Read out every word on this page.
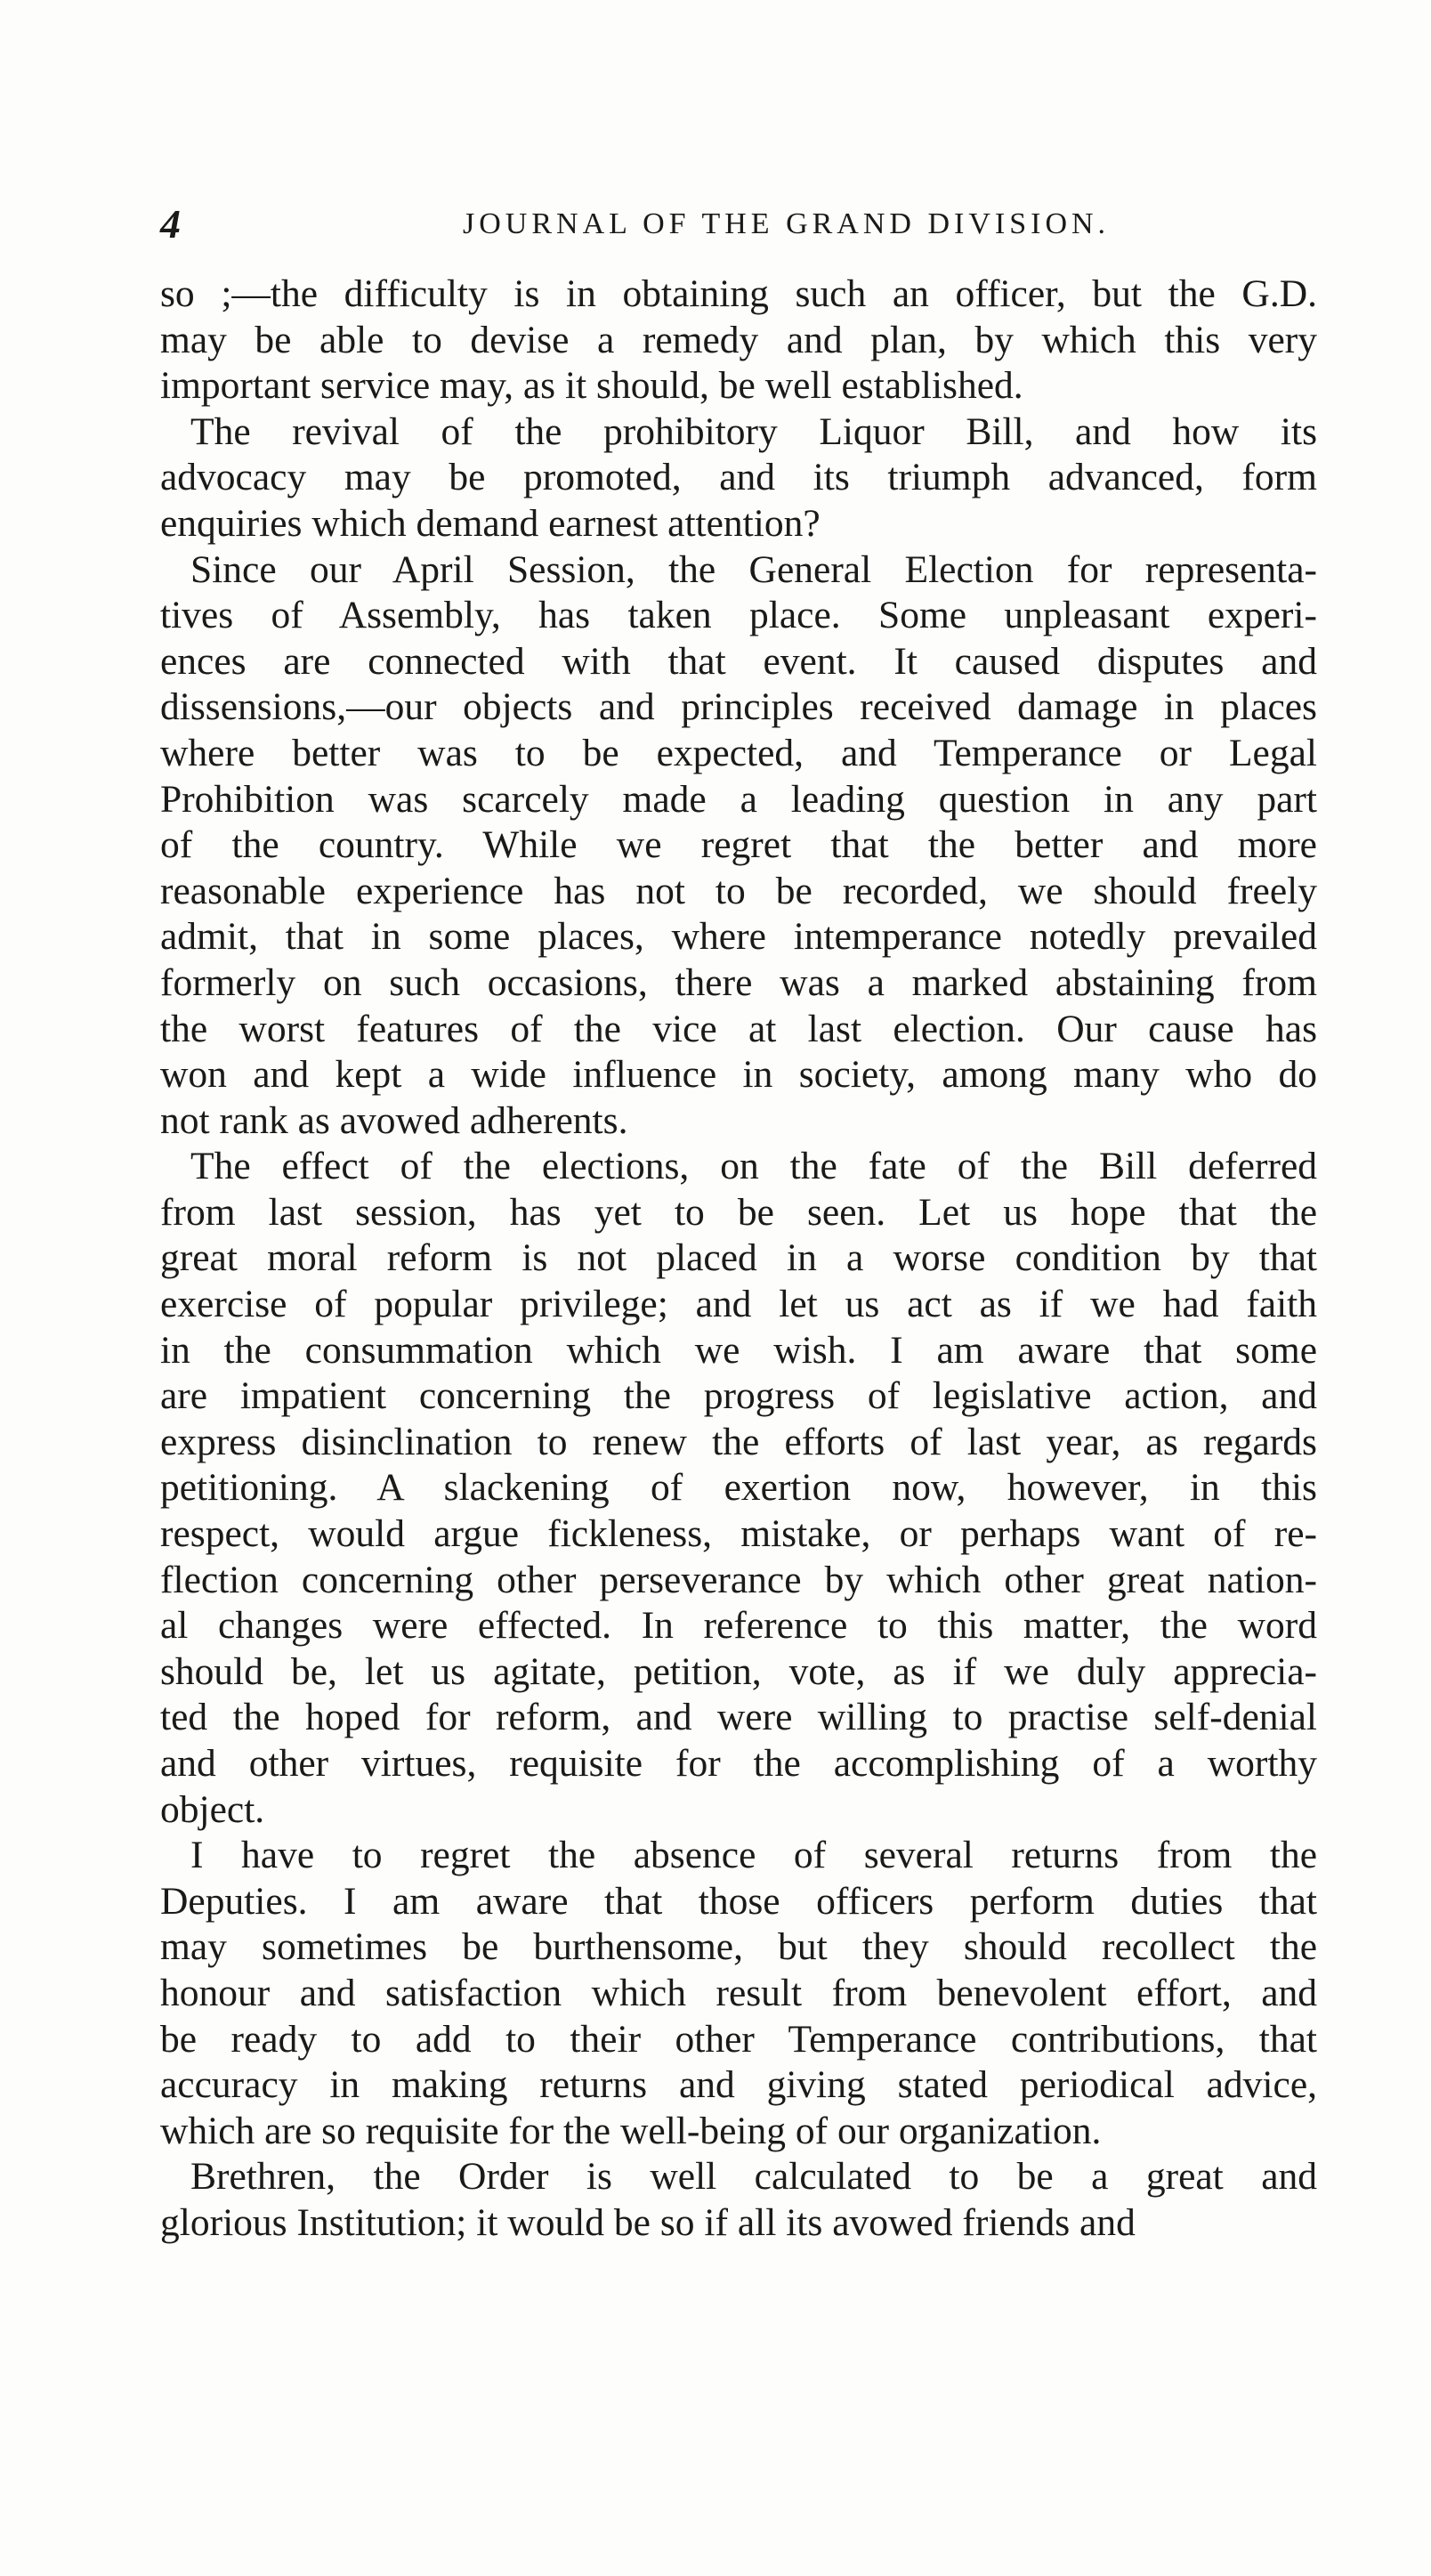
4	JOURNAL OF THE GRAND DIVISION.
so ;—the difficulty is in obtaining such an officer, but the G.D.
may be able to devise a remedy and plan, by which this very
important service may, as it should, be well established.
The revival of the prohibitory Liquor Bill, and how its
advocacy may be promoted, and its triumph advanced, form
enquiries which demand earnest attention?
Since our April Session, the General Election for representa-
tives of Assembly, has taken place. Some unpleasant experi-
ences are connected with that event. It caused disputes and
dissensions,—our objects and principles received damage in places
where better was to be expected, and Temperance or Legal
Prohibition was scarcely made a leading question in any part
of the country. While we regret that the better and more
reasonable experience has not to be recorded, we should freely
admit, that in some places, where intemperance notedly prevailed
formerly on such occasions, there was a marked abstaining from
the worst features of the vice at last election. Our cause has
won and kept a wide influence in society, among many who do
not rank as avowed adherents.
The effect of the elections, on the fate of the Bill deferred
from last session, has yet to be seen. Let us hope that the
great moral reform is not placed in a worse condition by that
exercise of popular privilege; and let us act as if we had faith
in the consummation which we wish. I am aware that some
are impatient concerning the progress of legislative action, and
express disinclination to renew the efforts of last year, as regards
petitioning. A slackening of exertion now, however, in this
respect, would argue fickleness, mistake, or perhaps want of re-
flection concerning other perseverance by which other great nation-
al changes were effected. In reference to this matter, the word
should be, let us agitate, petition, vote, as if we duly apprecia-
ted the hoped for reform, and were willing to practise self-denial
and other virtues, requisite for the accomplishing of a worthy
object.
I have to regret the absence of several returns from the
Deputies. I am aware that those officers perform duties that
may sometimes be burthensome, but they should recollect the
honour and satisfaction which result from benevolent effort, and
be ready to add to their other Temperance contributions, that
accuracy in making returns and giving stated periodical advice,
which are so requisite for the well-being of our organization.
Brethren, the Order is well calculated to be a great and
glorious Institution; it would be so if all its avowed friends and
